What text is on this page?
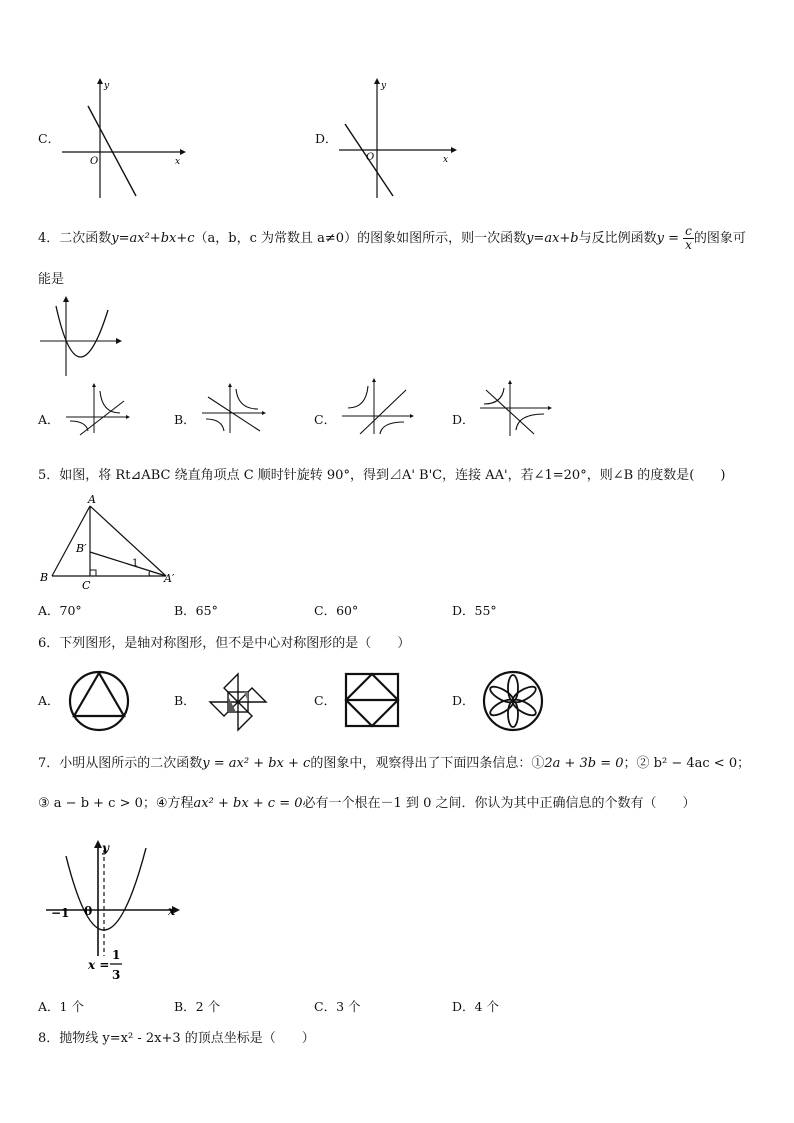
C．
y
x
O
D．
y
x
O
4．二次函数y=ax²+bx+c（a，b，c 为常数且 a≠0）的图象如图所示，则一次函数y=ax+b与反比例函数$y = \frac{c}{x}$ 的图象可
能是
A．	B．	C．	D．
5．如图，将 Rt⊿ABC 绕直角项点 C 顺时针旋转 90°，得到⊿A' B'C，连接 AA'，若∠1=20°，则∠B 的度数是(　　)
A
B
C
B′
A′
1
A．70°	B．65°	C．60°	D．55°
6．下列图形，是轴对称图形，但不是中心对称图形的是（　　）
A．	B．	C．	D．
7．小明从图所示的二次函数y = ax² + bx + c的图象中，观察得出了下面四条信息：①2a + 3b = 0；② b² − 4ac < 0；
③ a − b + c > 0；④方程ax² + bx + c = 0必有一个根在－1 到 0 之间．你认为其中正确信息的个数有（　　）
−1 0	x
y
x =
1
3
A．1 个	B．2 个	C．3 个	D．4 个
8．抛物线 y=x² - 2x+3 的顶点坐标是（　　）
